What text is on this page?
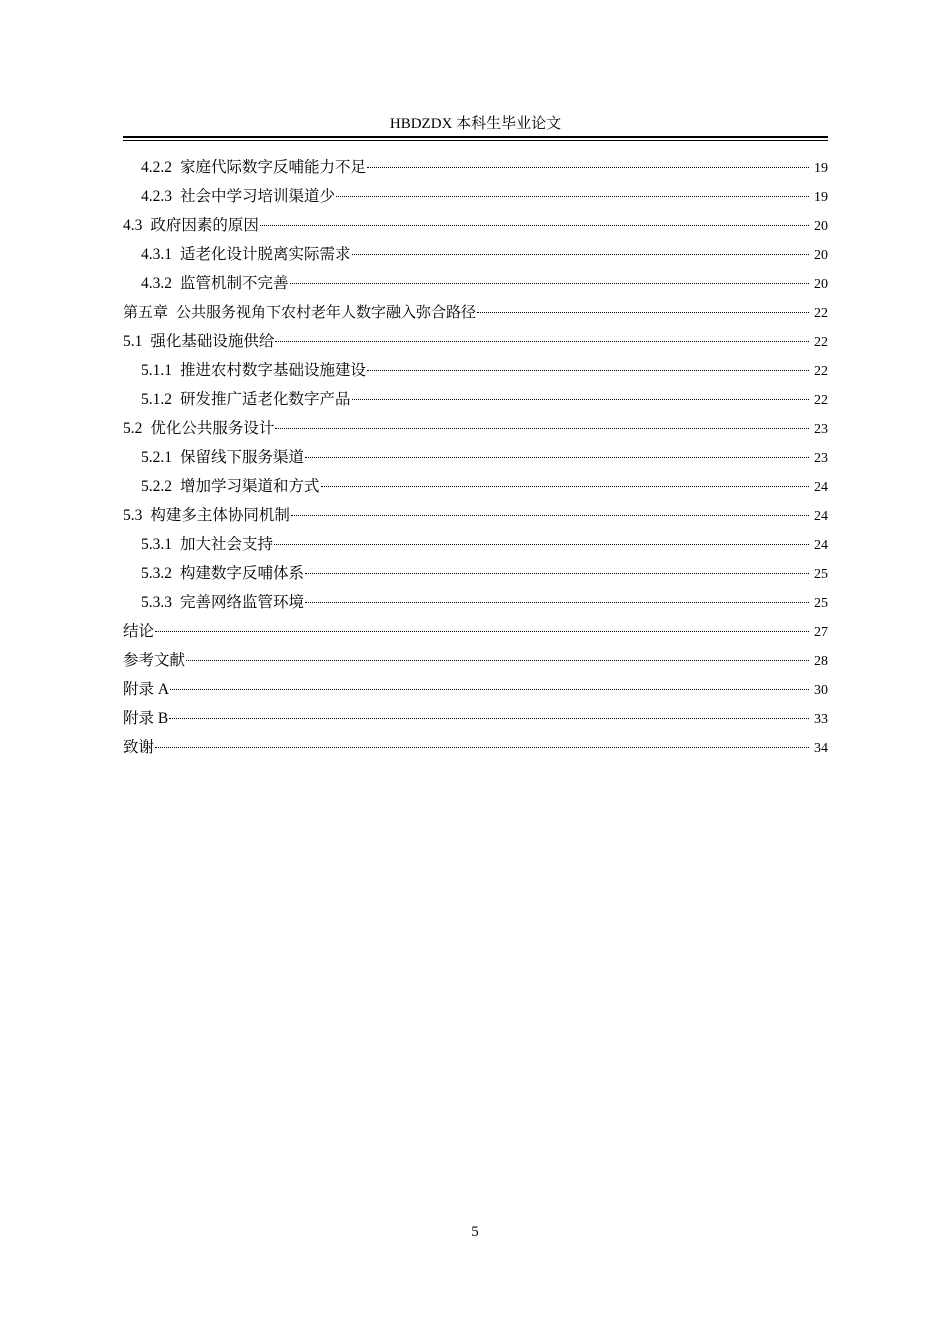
HBDZDX 本科生毕业论文
4.2.2 家庭代际数字反哺能力不足	19
4.2.3 社会中学习培训渠道少	19
4.3 政府因素的原因	20
4.3.1 适老化设计脱离实际需求	20
4.3.2 监管机制不完善	20
第五章 公共服务视角下农村老年人数字融入弥合路径	22
5.1 强化基础设施供给	22
5.1.1 推进农村数字基础设施建设	22
5.1.2 研发推广适老化数字产品	22
5.2 优化公共服务设计	23
5.2.1 保留线下服务渠道	23
5.2.2 增加学习渠道和方式	24
5.3 构建多主体协同机制	24
5.3.1 加大社会支持	24
5.3.2 构建数字反哺体系	25
5.3.3 完善网络监管环境	25
结论	27
参考文献	28
附录 A	30
附录 B	33
致谢	34
5
